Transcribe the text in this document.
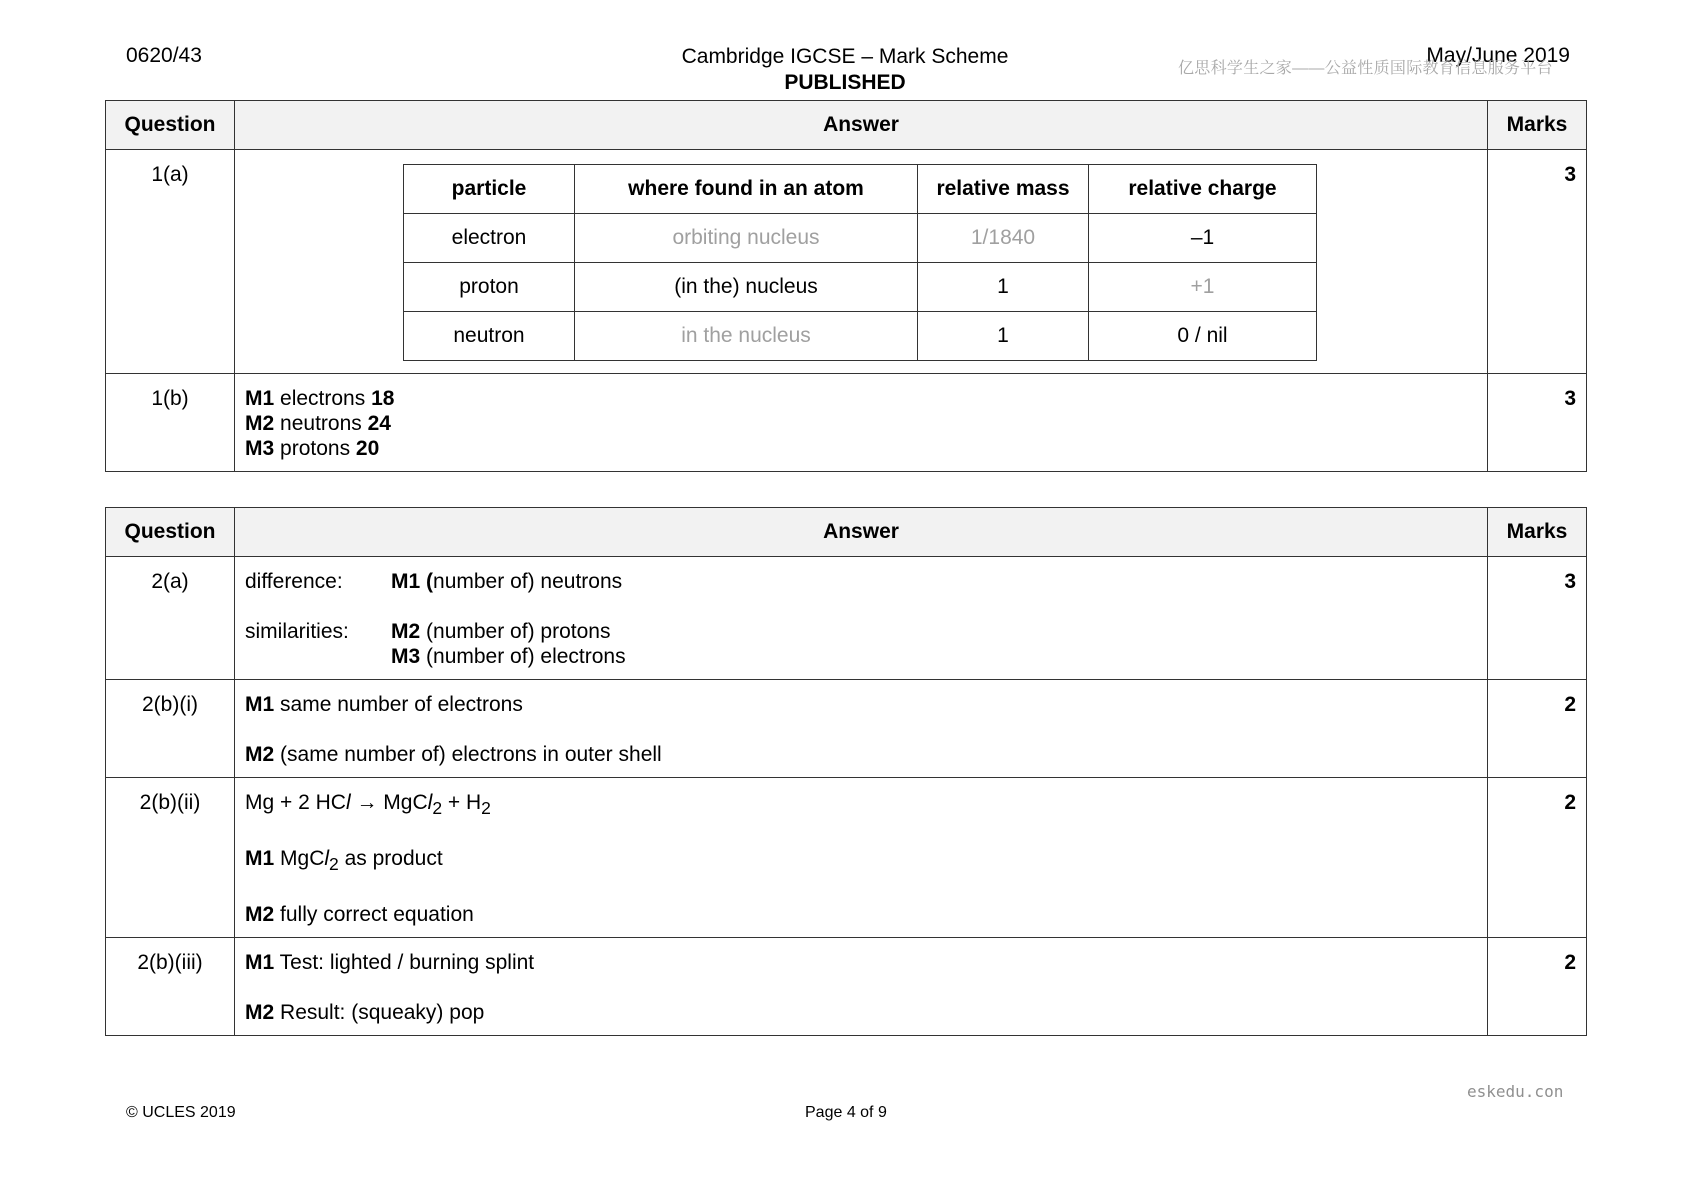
0620/43	Cambridge IGCSE – Mark Scheme
PUBLISHED
May/June 2019
亿思科学生之家——公益性质国际教育信息服务平台
Question	Answer	Marks
1(a)	
particle	where found in an atom	relative mass	relative charge
electron	orbiting nucleus	1/1840	–1
proton	(in the) nucleus	1	+1
neutron	in the nucleus	1	0 / nil
	3
1(b)	M1 electrons 18
M2 neutrons 24
M3 protons 20
	3
Question	Answer	Marks
2(a)	difference: M1 (number of) neutrons
similarities: M2 (number of) protons
M3 (number of) electrons	3
2(b)(i)	M1 same number of electrons
M2 (same number of) electrons in outer shell	2
2(b)(ii)	Mg + 2 HCl → MgCl$_2$ + $H_2$
M1 MgCl$_2$ as product
M2 fully correct equation	2
2(b)(iii)	M1 Test: lighted / burning splint
M2 Result: (squeaky) pop	2
eskedu.con
© UCLES 2019	Page 4 of 9
